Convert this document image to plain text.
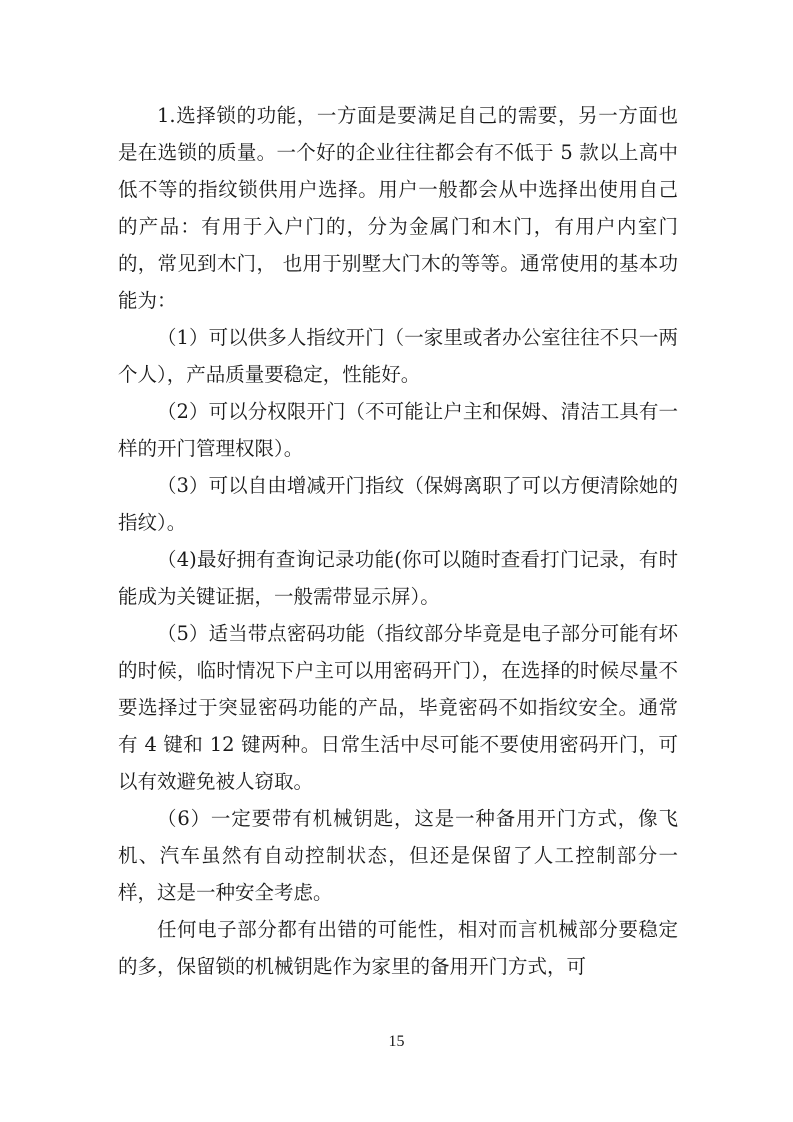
1.选择锁的功能，一方面是要满足自己的需要，另一方面也是在选锁的质量。一个好的企业往往都会有不低于 5 款以上高中低不等的指纹锁供用户选择。用户一般都会从中选择出使用自己的产品：有用于入户门的，分为金属门和木门，有用户内室门的，常见到木门， 也用于别墅大门木的等等。通常使用的基本功能为：

（1）可以供多人指纹开门（一家里或者办公室往往不只一两个人），产品质量要稳定，性能好。

（2）可以分权限开门（不可能让户主和保姆、清洁工具有一样的开门管理权限）。

（3）可以自由增减开门指纹（保姆离职了可以方便清除她的指纹）。

（4)最好拥有查询记录功能(你可以随时查看打门记录，有时能成为关键证据，一般需带显示屏）。

（5）适当带点密码功能（指纹部分毕竟是电子部分可能有坏的时候，临时情况下户主可以用密码开门），在选择的时候尽量不要选择过于突显密码功能的产品，毕竟密码不如指纹安全。通常有 4 键和 12 键两种。日常生活中尽可能不要使用密码开门，可以有效避免被人窃取。

（6）一定要带有机械钥匙，这是一种备用开门方式，像飞机、汽车虽然有自动控制状态，但还是保留了人工控制部分一样，这是一种安全考虑。

任何电子部分都有出错的可能性，相对而言机械部分要稳定的多，保留锁的机械钥匙作为家里的备用开门方式，可

15
